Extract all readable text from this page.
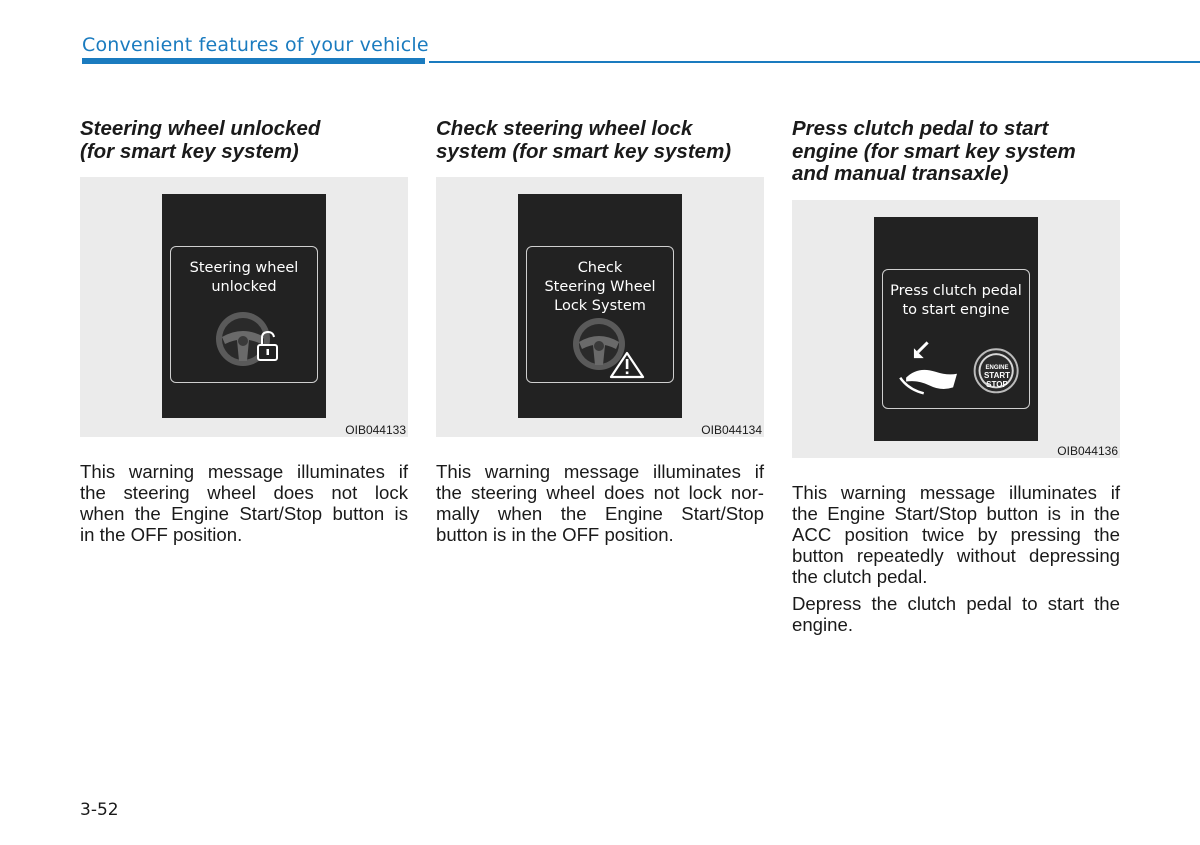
Convenient features of your vehicle
Steering wheel unlocked
(for smart key system)
Steering wheel
unlocked
OIB044133
This warning message illuminates if
the steering wheel does not lock
when the Engine Start/Stop button is
in the OFF position.
Check steering wheel lock
system (for smart key system)
Check
Steering Wheel
Lock System
OIB044134
This warning message illuminates if
the steering wheel does not lock nor-
mally when the Engine Start/Stop
button is in the OFF position.
Press clutch pedal to start
engine (for smart key system
and manual transaxle)
Press clutch pedal
to start engine
ENGINE
START
STOP
OIB044136
This warning message illuminates if
the Engine Start/Stop button is in the
ACC position twice by pressing the
button repeatedly without depressing
the clutch pedal.
Depress the clutch pedal to start the
engine.
3-52
